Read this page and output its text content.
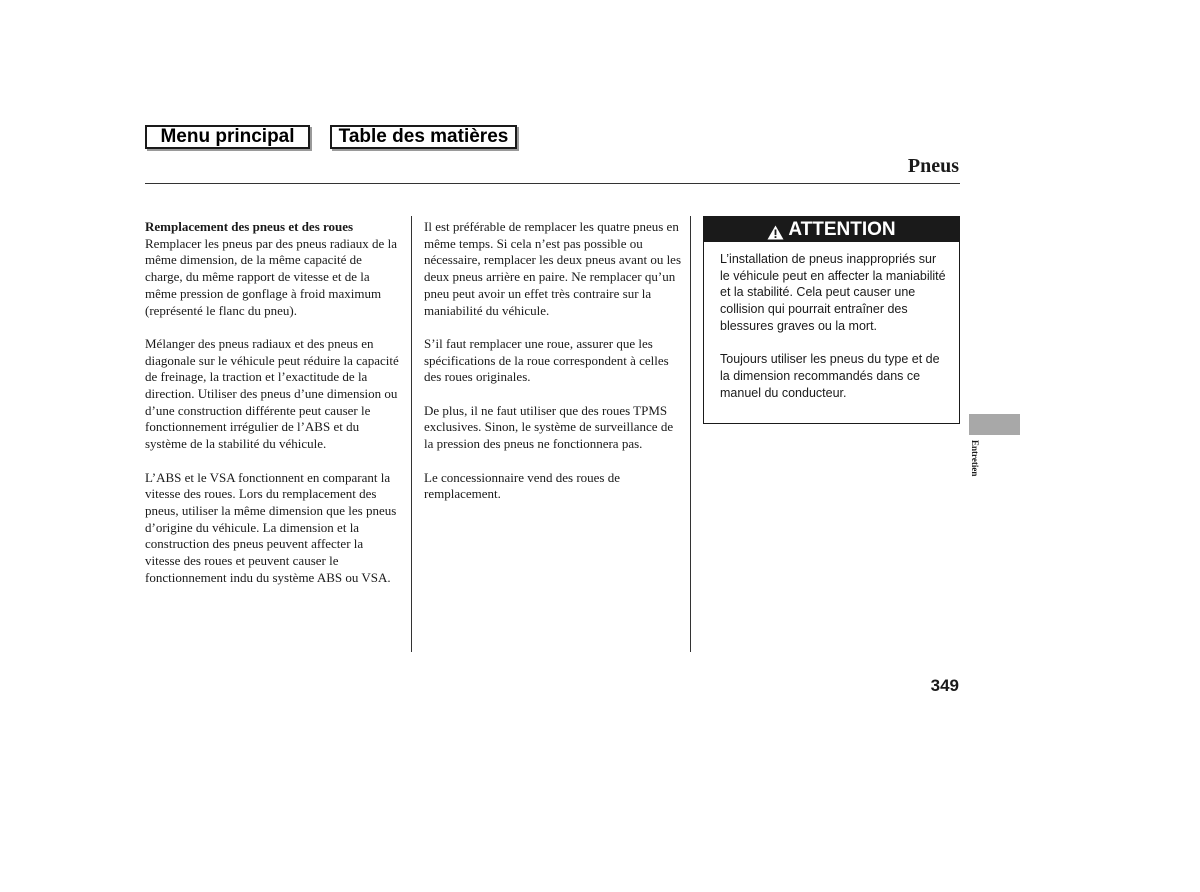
Menu principal	Table des matières
Pneus
Remplacement des pneus et des roues

Remplacer les pneus par des pneus radiaux de la même dimension, de la même capacité de charge, du même rapport de vitesse et de la même pression de gonflage à froid maximum (représenté le flanc du pneu).

Mélanger des pneus radiaux et des pneus en diagonale sur le véhicule peut réduire la capacité de freinage, la traction et l’exactitude de la direction. Utiliser des pneus d’une dimension ou d’une construction différente peut causer le fonctionnement irrégulier de l’ABS et du système de la stabilité du véhicule.

L’ABS et le VSA fonctionnent en comparant la vitesse des roues. Lors du remplacement des pneus, utiliser la même dimension que les pneus d’origine du véhicule. La dimension et la construction des pneus peuvent affecter la vitesse des roues et peuvent causer le fonctionnement indu du système ABS ou VSA.

Il est préférable de remplacer les quatre pneus en même temps. Si cela n’est pas possible ou nécessaire, remplacer les deux pneus avant ou les deux pneus arrière en paire. Ne remplacer qu’un pneu peut avoir un effet très contraire sur la maniabilité du véhicule.

S’il faut remplacer une roue, assurer que les spécifications de la roue correspondent à celles des roues originales.

De plus, il ne faut utiliser que des roues TPMS exclusives. Sinon, le système de surveillance de la pression des pneus ne fonctionnera pas.

Le concessionnaire vend des roues de remplacement.

ATTENTION

L’installation de pneus inappropriés sur le véhicule peut en affecter la maniabilité et la stabilité. Cela peut causer une collision qui pourrait entraîner des blessures graves ou la mort.

Toujours utiliser les pneus du type et de la dimension recommandés dans ce manuel du conducteur.

Entretien
349
